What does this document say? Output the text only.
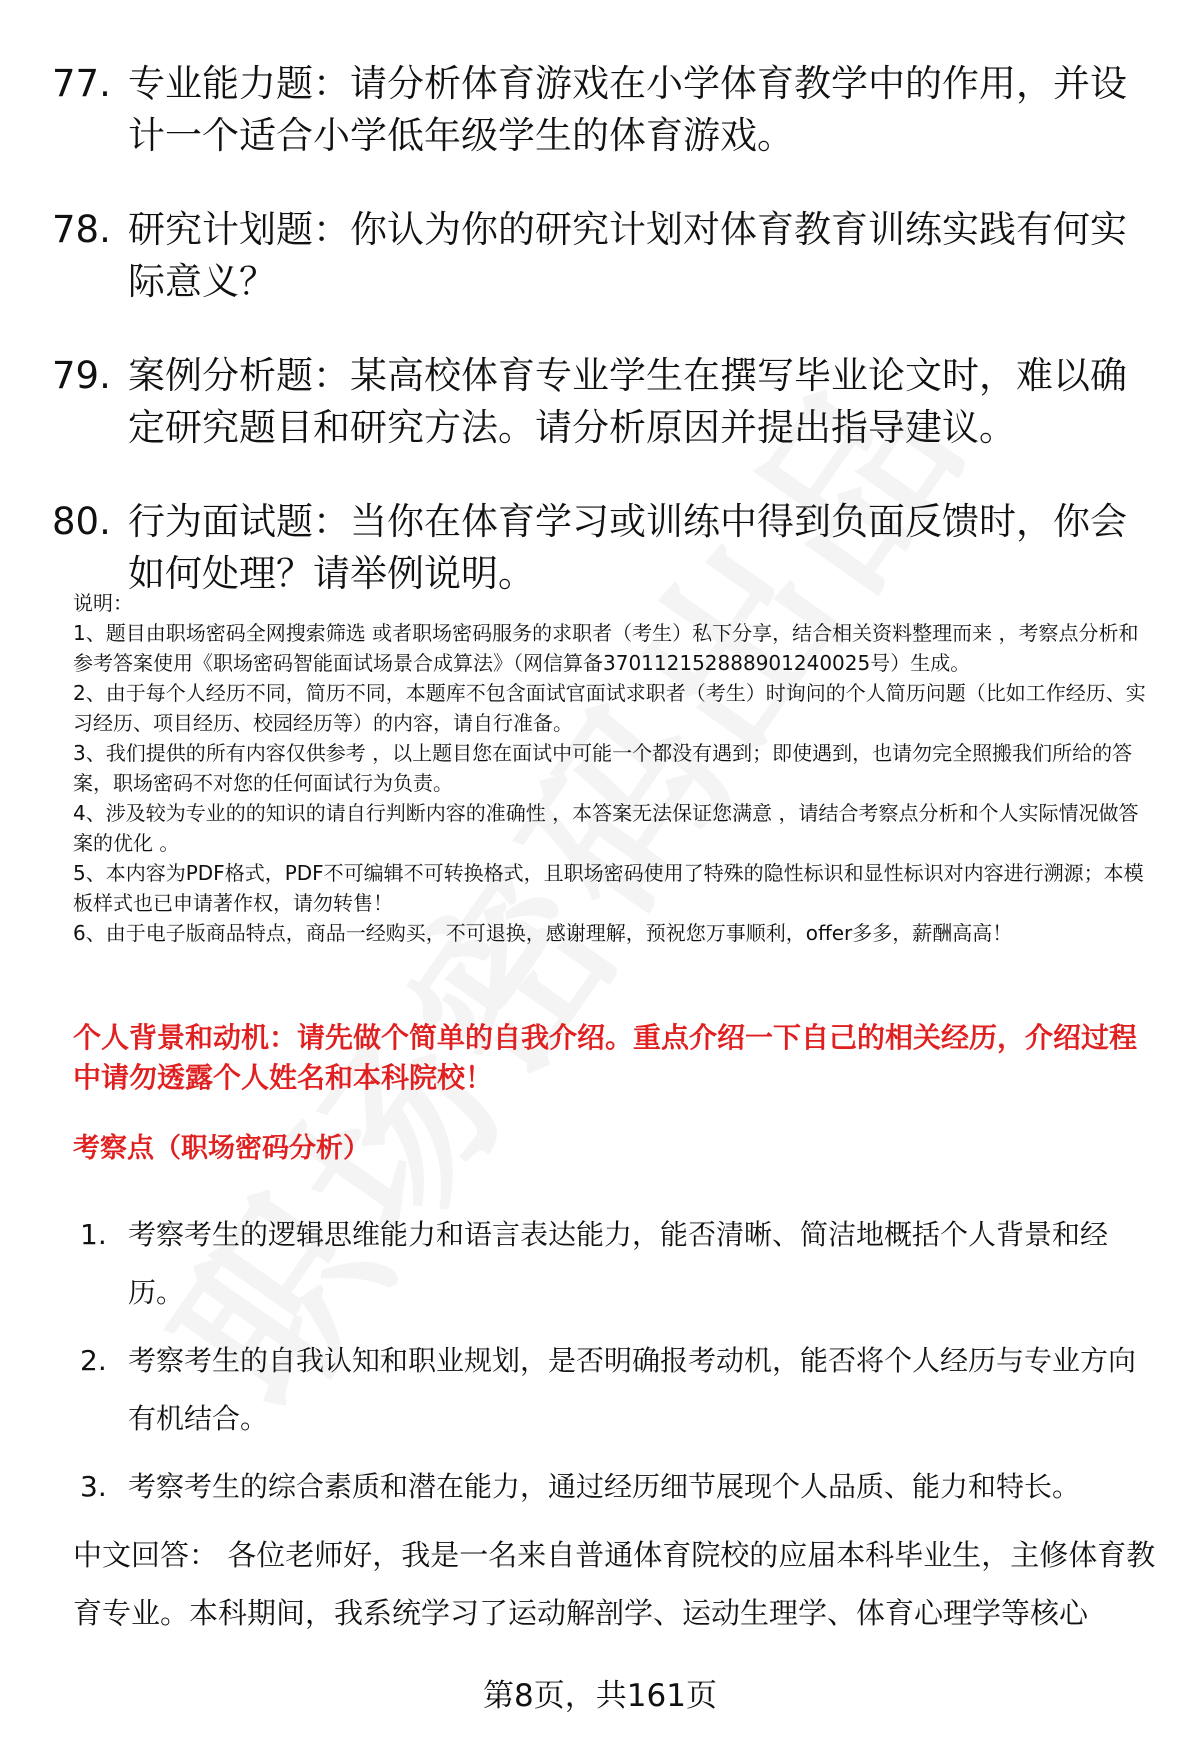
77. 专业能力题：请分析体育游戏在小学体育教学中的作用，并设计一个适合小学低年级学生的体育游戏。
78. 研究计划题：你认为你的研究计划对体育教育训练实践有何实际意义？
79. 案例分析题：某高校体育专业学生在撰写毕业论文时，难以确定研究题目和研究方法。请分析原因并提出指导建议。
80. 行为面试题：当你在体育学习或训练中得到负面反馈时，你会如何处理？请举例说明。

说明：

1、题目由职场密码全网搜索筛选 或者职场密码服务的求职者（考生）私下分享，结合相关资料整理而来 ，考察点分析和参考答案使用《职场密码智能面试场景合成算法》（网信算备370112152888901240025号）生成。

2、由于每个人经历不同，简历不同，本题库不包含面试官面试求职者（考生）时询问的个人简历问题（比如工作经历、实习经历、项目经历、校园经历等）的内容，请自行准备。

3、我们提供的所有内容仅供参考 ，以上题目您在面试中可能一个都没有遇到；即使遇到，也请勿完全照搬我们所给的答案，职场密码不对您的任何面试行为负责。

4、涉及较为专业的的知识的请自行判断内容的准确性 ，本答案无法保证您满意 ，请结合考察点分析和个人实际情况做答案的优化 。

5、本内容为PDF格式，PDF不可编辑不可转换格式，且职场密码使用了特殊的隐性标识和显性标识对内容进行溯源；本模板样式也已申请著作权，请勿转售！

6、由于电子版商品特点，商品一经购买，不可退换，感谢理解，预祝您万事顺利，offer多多，薪酬高高！

个人背景和动机：请先做个简单的自我介绍。重点介绍一下自己的相关经历，介绍过程中请勿透露个人姓名和本科院校！
考察点（职场密码分析）
1. 考察考生的逻辑思维能力和语言表达能力，能否清晰、简洁地概括个人背景和经历。
2. 考察考生的自我认知和职业规划，是否明确报考动机，能否将个人经历与专业方向有机结合。
3. 考察考生的综合素质和潜在能力，通过经历细节展现个人品质、能力和特长。
中文回答： 各位老师好，我是一名来自普通体育院校的应届本科毕业生，主修体育教育专业。本科期间，我系统学习了运动解剖学、运动生理学、体育心理学等核心
第8页，共161页
